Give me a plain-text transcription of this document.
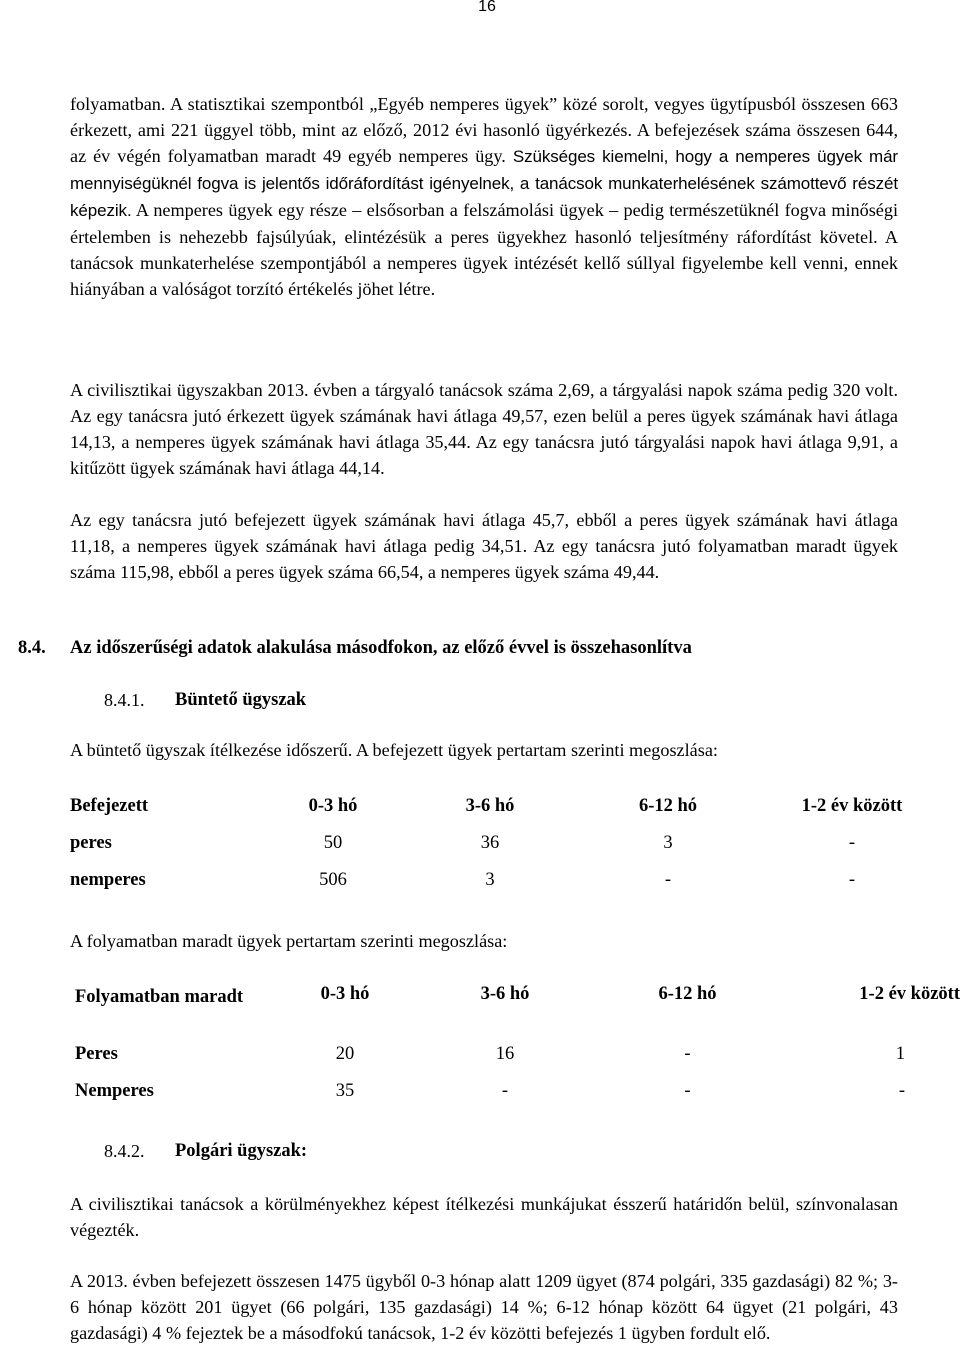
16

folyamatban. A statisztikai szempontból „Egyéb nemperes ügyek” közé sorolt, vegyes ügytípusból összesen 663 érkezett, ami 221 üggyel több, mint az előző, 2012 évi hasonló ügyérkezés. A befejezések száma összesen 644, az év végén folyamatban maradt 49 egyéb nemperes ügy. Szükséges kiemelni, hogy a nemperes ügyek már mennyiségüknél fogva is jelentős időráfordítást igényelnek, a tanácsok munkaterhelésének számottevő részét képezik. A nemperes ügyek egy része – elsősorban a felszámolási ügyek – pedig természetüknél fogva minőségi értelemben is nehezebb fajsúlyúak, elintézésük a peres ügyekhez hasonló teljesítmény ráfordítást követel. A tanácsok munkaterhelése szempontjából a nemperes ügyek intézését kellő súllyal figyelembe kell venni, ennek hiányában a valóságot torzító értékelés jöhet létre.

A civilisztikai ügyszakban 2013. évben a tárgyaló tanácsok száma 2,69, a tárgyalási napok száma pedig 320 volt. Az egy tanácsra jutó érkezett ügyek számának havi átlaga 49,57, ezen belül a peres ügyek számának havi átlaga 14,13, a nemperes ügyek számának havi átlaga 35,44. Az egy tanácsra jutó tárgyalási napok havi átlaga 9,91, a kitűzött ügyek számának havi átlaga 44,14.

Az egy tanácsra jutó befejezett ügyek számának havi átlaga 45,7, ebből a peres ügyek számának havi átlaga 11,18, a nemperes ügyek számának havi átlaga pedig 34,51. Az egy tanácsra jutó folyamatban maradt ügyek száma 115,98, ebből a peres ügyek száma 66,54, a nemperes ügyek száma 49,44.

8.4. Az időszerűségi adatok alakulása másodfokon, az előző évvel is összehasonlítva
8.4.1. Büntető ügyszak

A büntető ügyszak ítélkezése időszerű. A befejezett ügyek pertartam szerinti megoszlása:

Befejezett	0-3 hó	3-6 hó	6-12 hó	1-2 év között
peres	50	36	3	-
nemperes	506	3	-	-

A folyamatban maradt ügyek pertartam szerinti megoszlása:

Folyamatban maradt	0-3 hó	3-6 hó	6-12 hó	1-2 év között
Peres	20	16	-	1
Nemperes	35	-	-	-
8.4.2. Polgári ügyszak:

A civilisztikai tanácsok a körülményekhez képest ítélkezési munkájukat ésszerű határidőn belül, színvonalasan végezték.

A 2013. évben befejezett összesen 1475 ügyből 0-3 hónap alatt 1209 ügyet (874 polgári, 335 gazdasági) 82 %; 3-6 hónap között 201 ügyet (66 polgári, 135 gazdasági) 14 %; 6-12 hónap között 64 ügyet (21 polgári, 43 gazdasági) 4 % fejeztek be a másodfokú tanácsok, 1-2 év közötti befejezés 1 ügyben fordult elő.
